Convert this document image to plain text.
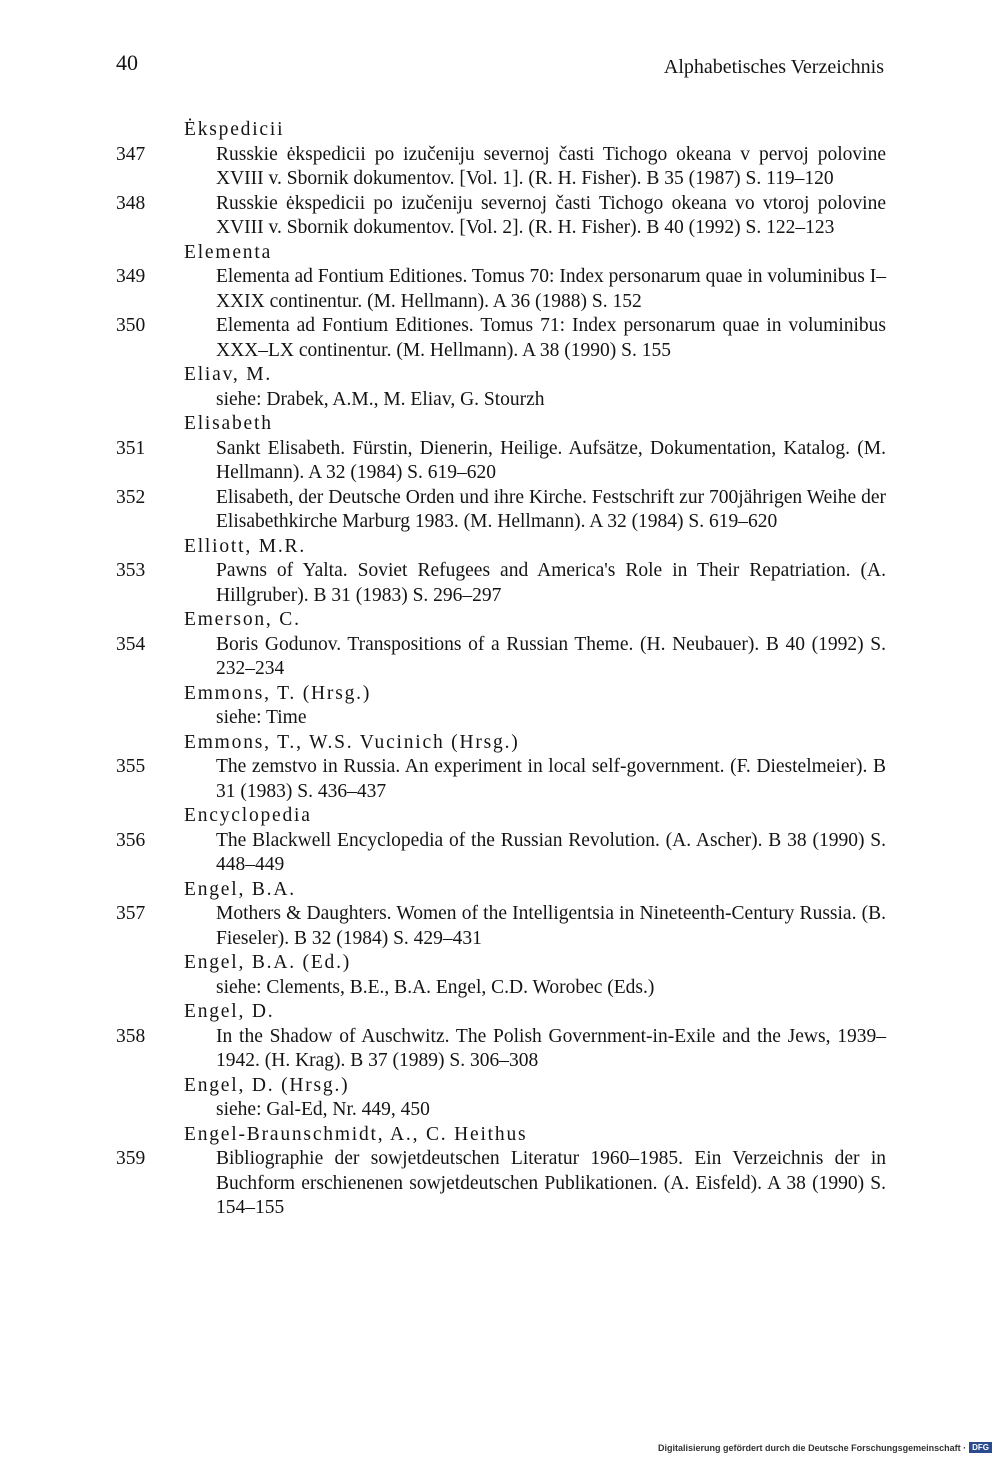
40	Alphabetisches Verzeichnis
Ėkspedicii
347	Russkie ėkspedicii po izučeniju severnoj časti Tichogo okeana v pervoj polovine XVIII v. Sbornik dokumentov. [Vol. 1]. (R. H. Fisher). B 35 (1987) S. 119–120
348	Russkie ėkspedicii po izučeniju severnoj časti Tichogo okeana vo vtoroj polovine XVIII v. Sbornik dokumentov. [Vol. 2]. (R. H. Fisher). B 40 (1992) S. 122–123
Elementa
349	Elementa ad Fontium Editiones. Tomus 70: Index personarum quae in voluminibus I–XXIX continentur. (M. Hellmann). A 36 (1988) S. 152
350	Elementa ad Fontium Editiones. Tomus 71: Index personarum quae in voluminibus XXX–LX continentur. (M. Hellmann). A 38 (1990) S. 155
Eliav, M.
siehe: Drabek, A.M., M. Eliav, G. Stourzh
Elisabeth
351	Sankt Elisabeth. Fürstin, Dienerin, Heilige. Aufsätze, Dokumentation, Katalog. (M. Hellmann). A 32 (1984) S. 619–620
352	Elisabeth, der Deutsche Orden und ihre Kirche. Festschrift zur 700jährigen Weihe der Elisabethkirche Marburg 1983. (M. Hellmann). A 32 (1984) S. 619–620
Elliott, M.R.
353	Pawns of Yalta. Soviet Refugees and America's Role in Their Repatriation. (A. Hillgruber). B 31 (1983) S. 296–297
Emerson, C.
354	Boris Godunov. Transpositions of a Russian Theme. (H. Neubauer). B 40 (1992) S. 232–234
Emmons, T. (Hrsg.)
siehe: Time
Emmons, T., W.S. Vucinich (Hrsg.)
355	The zemstvo in Russia. An experiment in local self-government. (F. Diestelmeier). B 31 (1983) S. 436–437
Encyclopedia
356	The Blackwell Encyclopedia of the Russian Revolution. (A. Ascher). B 38 (1990) S. 448–449
Engel, B.A.
357	Mothers & Daughters. Women of the Intelligentsia in Nineteenth-Century Russia. (B. Fieseler). B 32 (1984) S. 429–431
Engel, B.A. (Ed.)
siehe: Clements, B.E., B.A. Engel, C.D. Worobec (Eds.)
Engel, D.
358	In the Shadow of Auschwitz. The Polish Government-in-Exile and the Jews, 1939–1942. (H. Krag). B 37 (1989) S. 306–308
Engel, D. (Hrsg.)
siehe: Gal-Ed, Nr. 449, 450
Engel-Braunschmidt, A., C. Heithus
359	Bibliographie der sowjetdeutschen Literatur 1960–1985. Ein Verzeichnis der in Buchform erschienenen sowjetdeutschen Publikationen. (A. Eisfeld). A 38 (1990) S. 154–155
Digitalisierung gefördert durch die Deutsche Forschungsgemeinschaft · DFG
